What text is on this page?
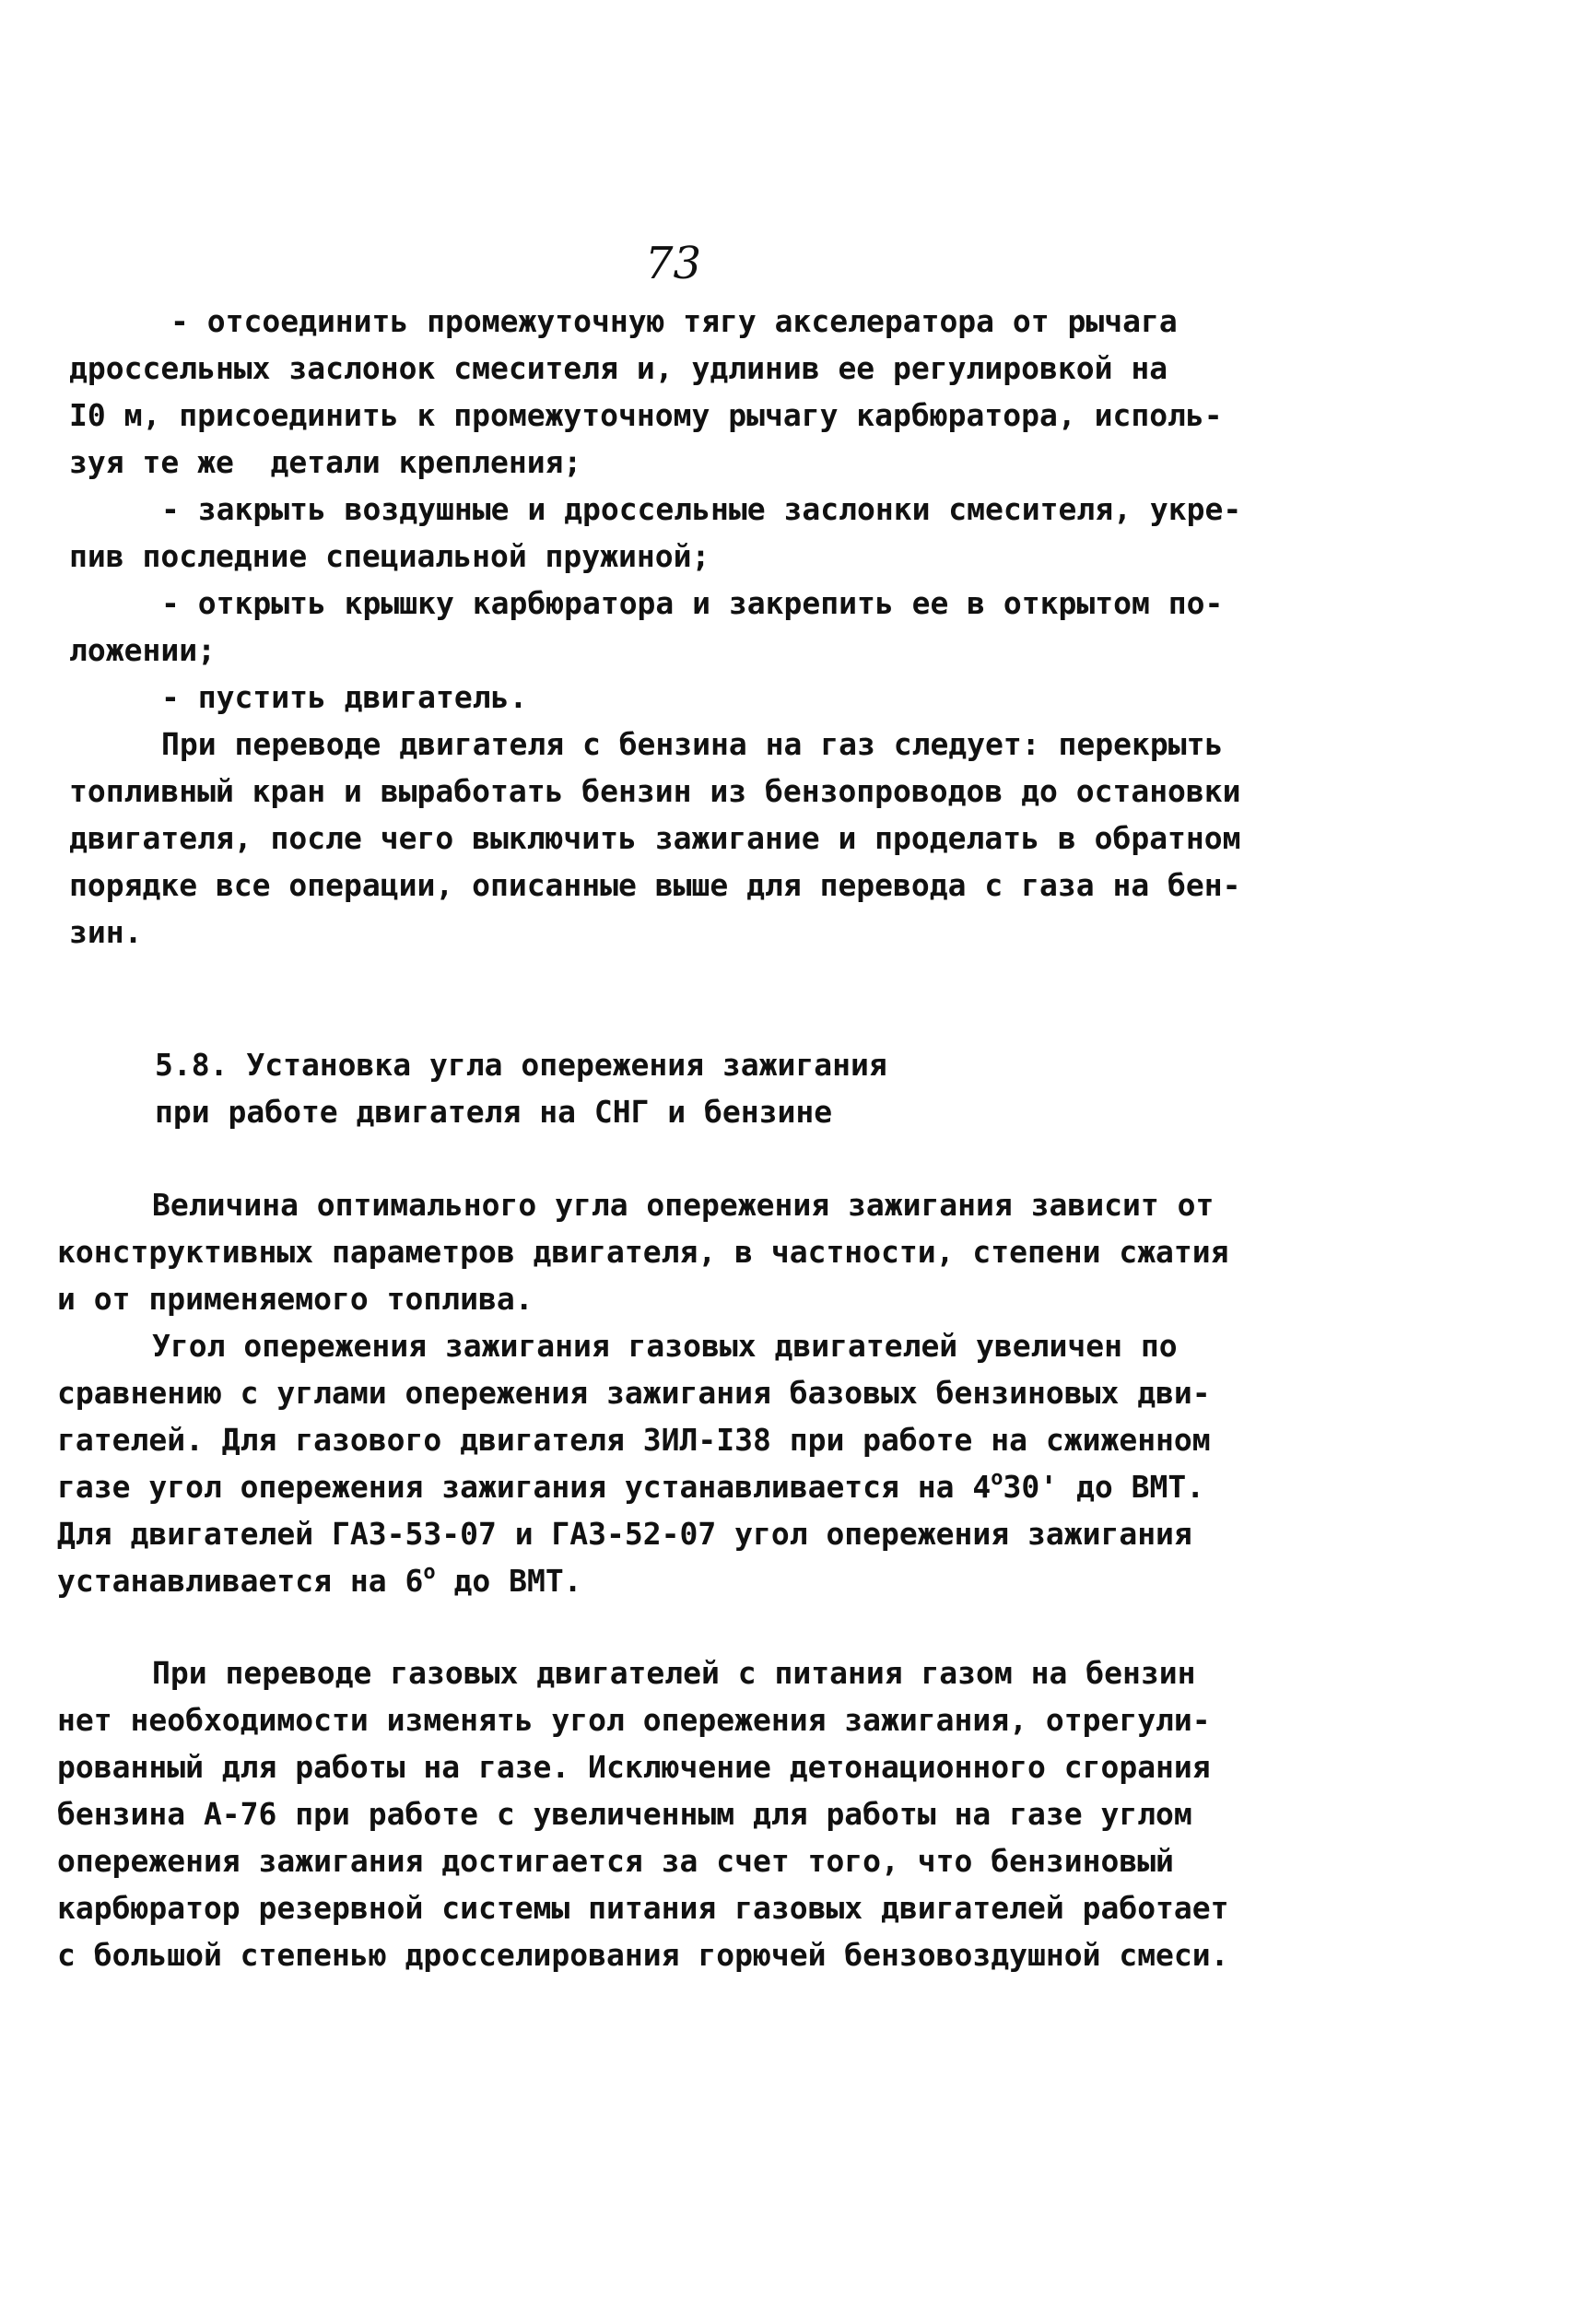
73

- отсоединить промежуточную тягу акселератора от рычага

дроссельных заслонок смесителя и, удлинив ее регулировкой на

I0 м, присоединить к промежуточному рычагу карбюратора, исполь-

зуя те же  детали крепления;

- закрыть воздушные и дроссельные заслонки смесителя, укре-

пив последние специальной пружиной;

- открыть крышку карбюратора и закрепить ее в открытом по-

ложении;

- пустить двигатель.

При переводе двигателя с бензина на газ следует: перекрыть

топливный кран и выработать бензин из бензопроводов до остановки

двигателя, после чего выключить зажигание и проделать в обратном

порядке все операции, описанные выше для перевода с газа на бен-

зин.

5.8. Установка угла опережения зажигания

при работе двигателя на СНГ и бензине

Величина оптимального угла опережения зажигания зависит от

конструктивных параметров двигателя, в частности, степени сжатия

и от применяемого топлива.

Угол опережения зажигания газовых двигателей увеличен по

сравнению с углами опережения зажигания базовых бензиновых дви-

гателей. Для газового двигателя ЗИЛ-I38 при работе на сжиженном

газе угол опережения зажигания устанавливается на $4^о30'$ до ВМТ.

Для двигателей ГАЗ-53-07 и ГАЗ-52-07 угол опережения зажигания

устанавливается на $6^о$ до ВМТ.

При переводе газовых двигателей с питания газом на бензин

нет необходимости изменять угол опережения зажигания, отрегули-

рованный для работы на газе. Исключение детонационного сгорания

бензина А-76 при работе с увеличенным для работы на газе углом

опережения зажигания достигается за счет того, что бензиновый

карбюратор резервной системы питания газовых двигателей работает

с большой степенью дросселирования горючей бензовоздушной смеси.
